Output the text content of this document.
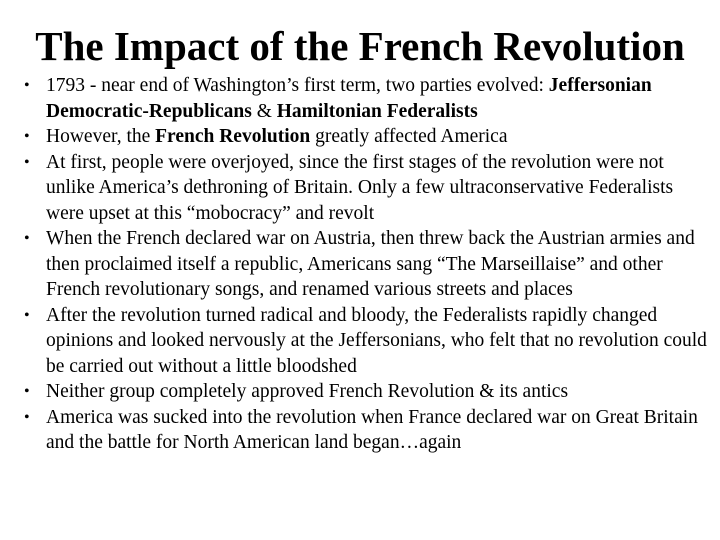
The Impact of the French Revolution
• 1793 - near end of Washington’s first term, two parties evolved: Jeffersonian Democratic-Republicans & Hamiltonian Federalists
• However, the French Revolution greatly affected America
• At first, people were overjoyed, since the first stages of the revolution were not unlike America’s dethroning of Britain. Only a few ultraconservative Federalists were upset at this “mobocracy” and revolt
• When the French declared war on Austria, then threw back the Austrian armies and then proclaimed itself a republic, Americans sang “The Marseillaise” and other French revolutionary songs, and renamed various streets and places
• After the revolution turned radical and bloody, the Federalists rapidly changed opinions and looked nervously at the Jeffersonians, who felt that no revolution could be carried out without a little bloodshed
• Neither group completely approved French Revolution & its antics
• America was sucked into the revolution when France declared war on Great Britain and the battle for North American land began…again
